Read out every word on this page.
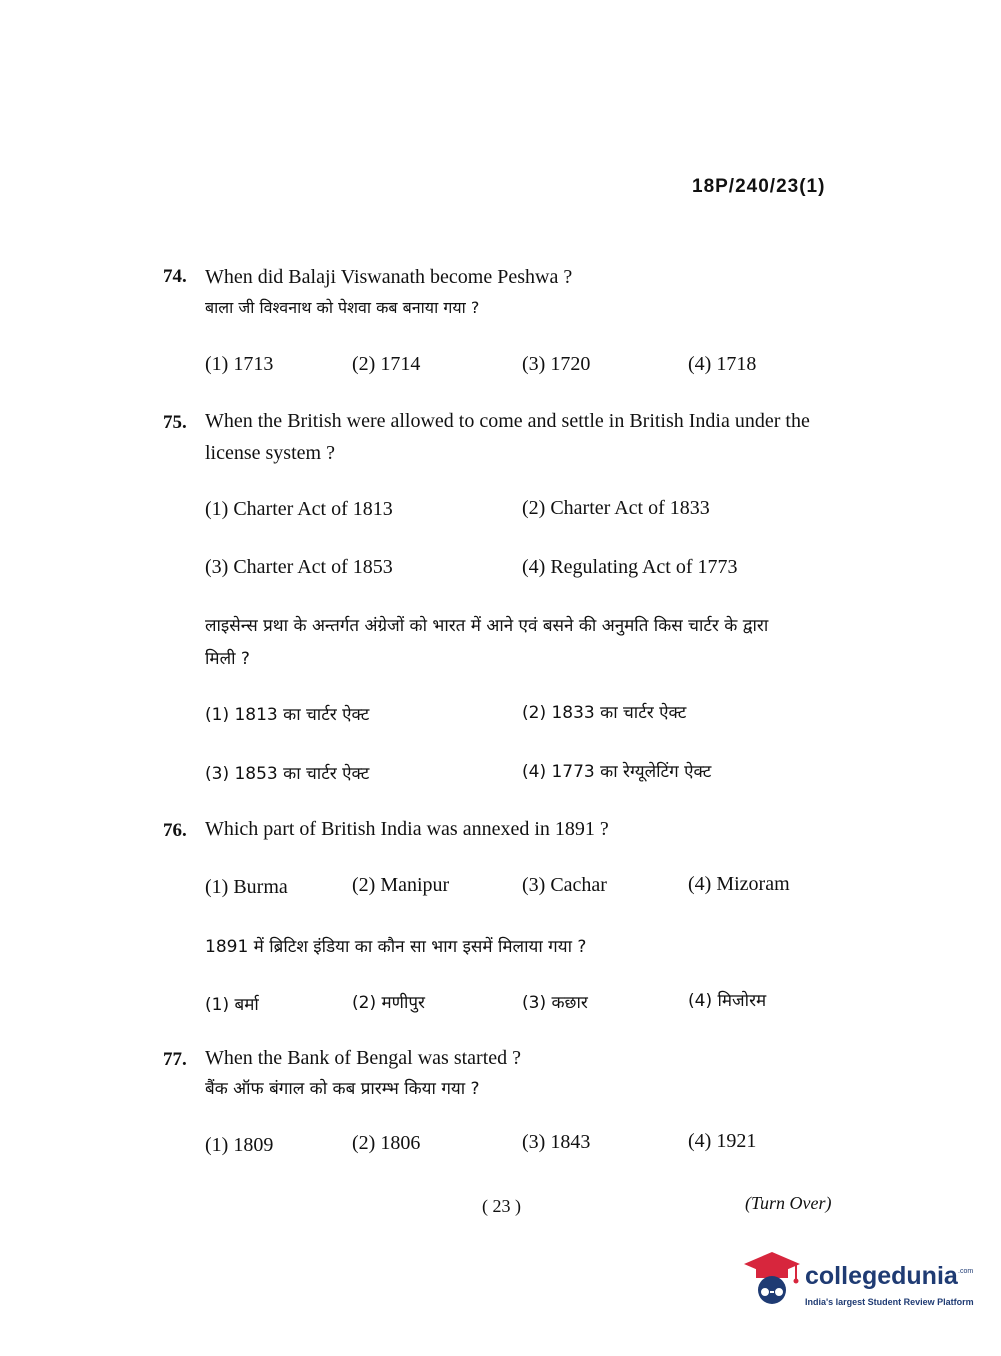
18P/240/23(1)
74. When did Balaji Viswanath become Peshwa ?
बाला जी विश्वनाथ को पेशवा कब बनाया गया ?
(1) 1713	(2) 1714	(3) 1720	(4) 1718
75. When the British were allowed to come and settle in British India under the
license system ?
(1) Charter Act of 1813	(2) Charter Act of 1833
(3) Charter Act of 1853	(4) Regulating Act of 1773
लाइसेन्स प्रथा के अन्तर्गत अंग्रेजों को भारत में आने एवं बसने की अनुमति किस चार्टर के द्वारा
मिली ?
(1) 1813 का चार्टर ऐक्ट	(2) 1833 का चार्टर ऐक्ट
(3) 1853 का चार्टर ऐक्ट	(4) 1773 का रेग्यूलेटिंग ऐक्ट
76. Which part of British India was annexed in 1891 ?
(1) Burma	(2) Manipur	(3) Cachar	(4) Mizoram
1891 में ब्रिटिश इंडिया का कौन सा भाग इसमें मिलाया गया ?
(1) बर्मा	(2) मणीपुर	(3) कछार	(4) मिजोरम
77. When the Bank of Bengal was started ?
बैंक ऑफ बंगाल को कब प्रारम्भ किया गया ?
(1) 1809	(2) 1806	(3) 1843	(4) 1921
( 23 )	(Turn Over)
collegedunia .com
India's largest Student Review Platform
